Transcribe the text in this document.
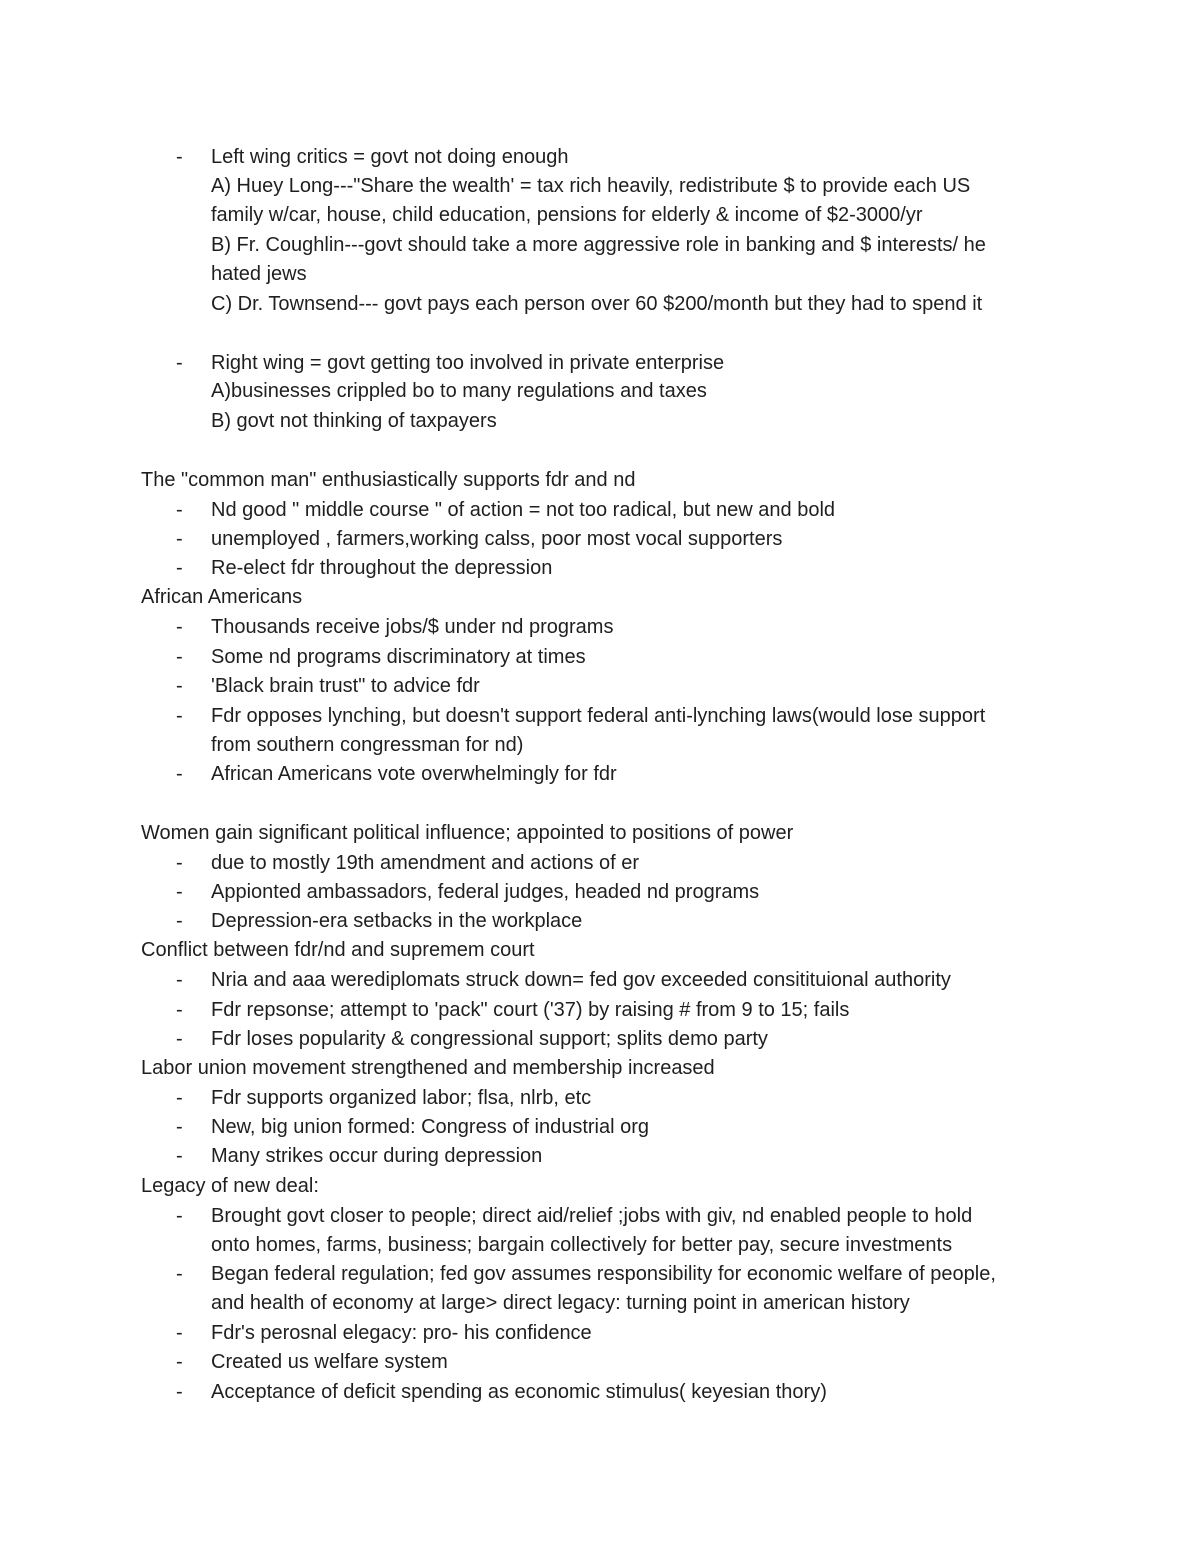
-	Left wing critics = govt not doing enough
A) Huey Long---"Share the wealth' = tax rich heavily, redistribute $ to provide each US
family w/car, house, child education, pensions for elderly & income of $2-3000/yr
B) Fr. Coughlin---govt should take a more aggressive role in banking and $ interests/ he
hated jews
C) Dr. Townsend--- govt pays each person over 60 $200/month but they had to spend it
-	Right wing = govt getting too involved in private enterprise
A)businesses crippled bo to many regulations and taxes
B) govt not thinking of taxpayers
The "common man" enthusiastically supports fdr and nd
-	Nd good " middle course " of action = not too radical, but new and bold
-	unemployed , farmers,working calss, poor most vocal supporters
-	Re-elect fdr throughout the depression
African Americans
-	Thousands receive jobs/$ under nd programs
-	Some nd programs discriminatory at times
-	'Black brain trust" to advice fdr
-	Fdr opposes lynching, but doesn't support federal anti-lynching laws(would lose support
from southern congressman for nd)
-	African Americans vote overwhelmingly for fdr
Women gain significant political influence; appointed to positions of power
-	due to mostly 19th amendment and actions of er
-	Appionted ambassadors, federal judges, headed nd programs
-	Depression-era setbacks in the workplace
Conflict between fdr/nd and supremem court
-	Nria and aaa werediplomats struck down= fed gov exceeded consitituional authority
-	Fdr repsonse; attempt to 'pack" court ('37) by raising # from 9 to 15; fails
-	Fdr loses popularity & congressional support; splits demo party
Labor union movement strengthened and membership increased
-	Fdr supports organized labor; flsa, nlrb, etc
-	New, big union formed: Congress of industrial org
-	Many strikes occur during depression
Legacy of new deal:
-	Brought govt closer to people; direct aid/relief ;jobs with giv, nd enabled people to hold
onto homes, farms, business; bargain collectively for better pay, secure investments
-	Began federal regulation; fed gov assumes responsibility for economic welfare of people,
and health of economy at large> direct legacy: turning point in american history
-	Fdr's perosnal elegacy: pro- his confidence
-	Created us welfare system
-	Acceptance of deficit spending as economic stimulus( keyesian thory)
